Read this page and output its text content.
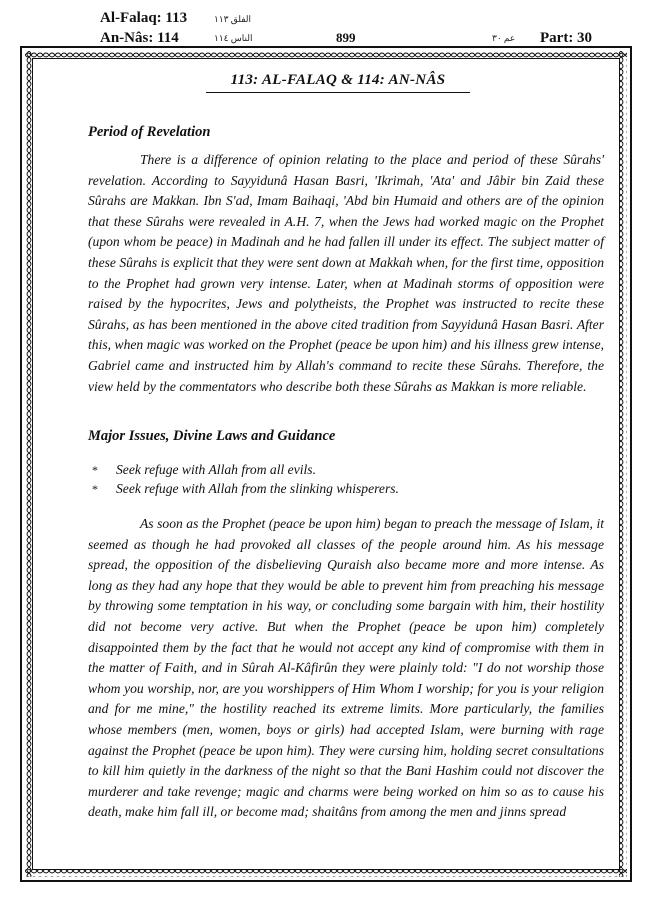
Al-Falaq: 113	الفلق ١١٣
An-Nâs: 114	الناس ١١٤	899	عم ٣٠ Part: 30
113: AL-FALAQ & 114: AN-NÂS
Period of Revelation

There is a difference of opinion relating to the place and period of these Sûrahs' revelation. According to Sayyidunâ Hasan Basri, 'Ikrimah, 'Ata' and Jâbir bin Zaid these Sûrahs are Makkan. Ibn S'ad, Imam Baihaqi, 'Abd bin Humaid and others are of the opinion that these Sûrahs were revealed in A.H. 7, when the Jews had worked magic on the Prophet (upon whom be peace) in Madinah and he had fallen ill under its effect. The subject matter of these Sûrahs is explicit that they were sent down at Makkah when, for the first time, opposition to the Prophet had grown very intense. Later, when at Madinah storms of opposition were raised by the hypocrites, Jews and polytheists, the Prophet was instructed to recite these Sûrahs, as has been mentioned in the above cited tradition from Sayyidunâ Hasan Basri. After this, when magic was worked on the Prophet (peace be upon him) and his illness grew intense, Gabriel came and instructed him by Allah's command to recite these Sûrahs. Therefore, the view held by the commentators who describe both these Sûrahs as Makkan is more reliable.

Major Issues, Divine Laws and Guidance
* Seek refuge with Allah from all evils.
* Seek refuge with Allah from the slinking whisperers.

As soon as the Prophet (peace be upon him) began to preach the message of Islam, it seemed as though he had provoked all classes of the people around him. As his message spread, the opposition of the disbelieving Quraish also became more and more intense. As long as they had any hope that they would be able to prevent him from preaching his message by throwing some temptation in his way, or concluding some bargain with him, their hostility did not become very active. But when the Prophet (peace be upon him) completely disappointed them by the fact that he would not accept any kind of compromise with them in the matter of Faith, and in Sûrah Al-Kâfirûn they were plainly told: "I do not worship those whom you worship, nor, are you worshippers of Him Whom I worship; for you is your religion and for me mine," the hostility reached its extreme limits. More particularly, the families whose members (men, women, boys or girls) had accepted Islam, were burning with rage against the Prophet (peace be upon him). They were cursing him, holding secret consultations to kill him quietly in the darkness of the night so that the Bani Hashim could not discover the murderer and take revenge; magic and charms were being worked on him so as to cause his death, make him fall ill, or become mad; shaitâns from among the men and jinns spread
